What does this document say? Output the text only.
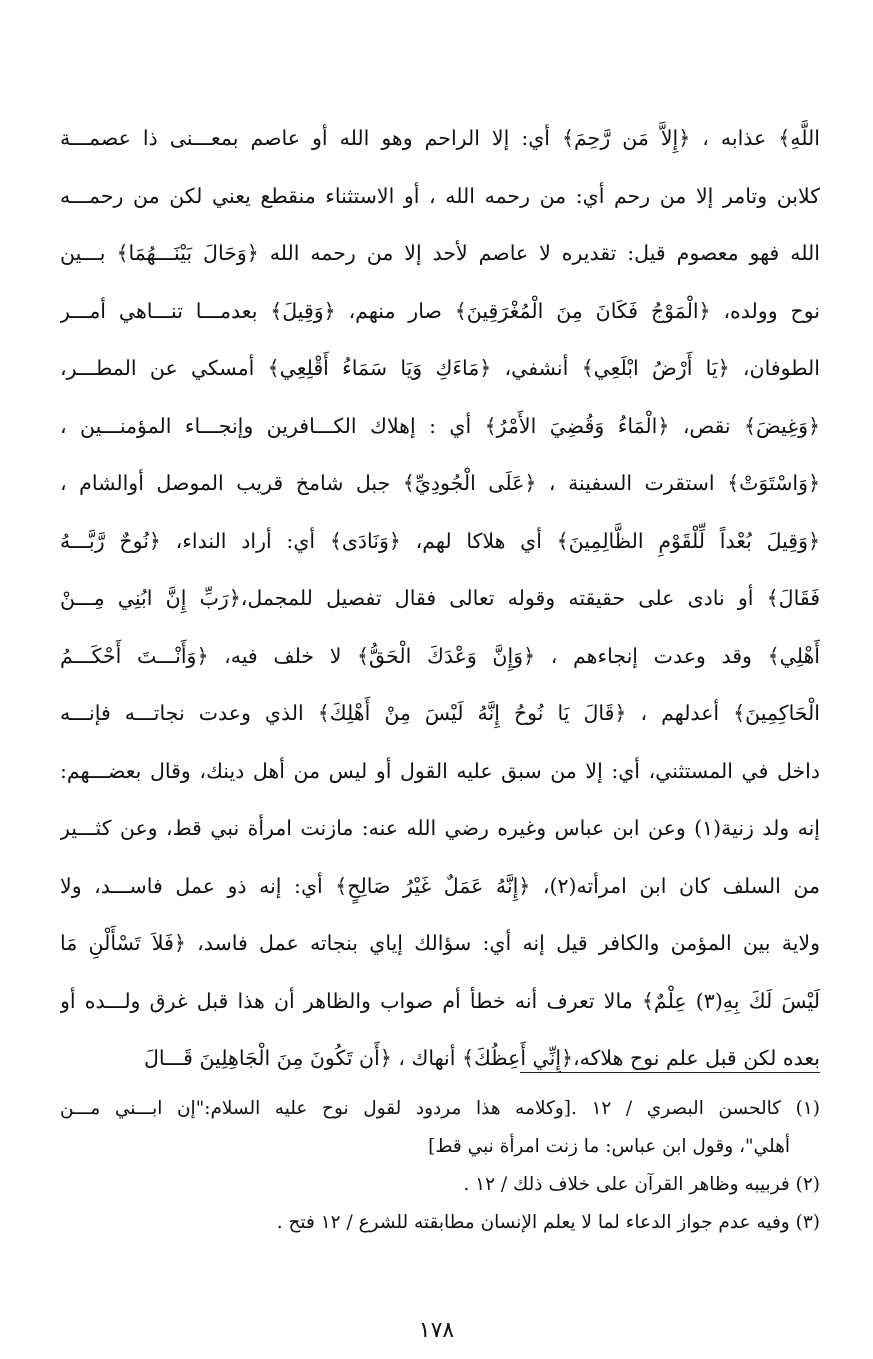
اللَّهِ﴾ عذابه ، ﴿إِلاَّ مَن رَّحِمَ﴾ أي: إلا الراحم وهو الله أو عاصم بمعـــنى ذا عصمـــة
كلابن وتامر إلا من رحم أي: من رحمه الله ، أو الاستثناء منقطع يعني لكن من رحمـــه
الله فهو معصوم قيل: تقديره لا عاصم لأحد إلا من رحمه الله ﴿وَحَالَ بَيْنَـــهُمَا﴾ بـــين
نوح وولده، ﴿الْمَوْجُ فَكَانَ مِنَ الْمُغْرَقِينَ﴾ صار منهم، ﴿وَقِيلَ﴾ بعدمـــا تنـــاهي أمـــر
الطوفان، ﴿يَا أَرْضُ ابْلَعِي﴾ أنشفي، ﴿مَاءَكِ وَيَا سَمَاءُ أَقْلِعِي﴾ أمسكي عن المطـــر،
﴿وَغِيضَ﴾ نقص، ﴿الْمَاءُ وَقُضِيَ الأَمْرُ﴾ أي : إهلاك الكـــافرين وإنجـــاء المؤمنـــين ،
﴿وَاسْتَوَتْ﴾ استقرت السفينة ، ﴿عَلَى الْجُودِيِّ﴾ جبل شامخ قريب الموصل أوالشام ،
﴿وَقِيلَ بُعْداً لِّلْقَوْمِ الظَّالِمِينَ﴾ أي هلاكا لهم، ﴿وَنَادَى﴾ أي: أراد النداء، ﴿نُوحٌ رَّبَّـــهُ
فَقَالَ﴾ أو نادى على حقيقته وقوله تعالى فقال تفصيل للمجمل،﴿رَبِّ إِنَّ ابُنِي مِـــنْ
أَهْلِي﴾ وقد وعدت إنجاءهم ، ﴿وَإِنَّ وَعْدَكَ الْحَقُّ﴾ لا خلف فيه، ﴿وَأَنْـــتَ أَحْكَـــمُ
الْحَاكِمِينَ﴾ أعدلهم ، ﴿قَالَ يَا نُوحُ إِنَّهُ لَيْسَ مِنْ أَهْلِكَ﴾ الذي وعدت نجاتـــه فإنـــه
داخل في المستثني، أي: إلا من سبق عليه القول أو ليس من أهل دينك، وقال بعضـــهم:
إنه ولد زنية(١) وعن ابن عباس وغيره رضي الله عنه: مازنت امرأة نبي قط، وعن كثـــير
من السلف كان ابن امرأته(٢)، ﴿إِنَّهُ عَمَلٌ غَيْرُ صَالِحٍ﴾ أي: إنه ذو عمل فاســـد، ولا
ولاية بين المؤمن والكافر قيل إنه أي: سؤالك إياي بنجاته عمل فاسد، ﴿فَلاَ تَسْأَلْنِ مَا
لَيْسَ لَكَ بِهِ(٣) عِلْمٌ﴾ مالا تعرف أنه خطأ أم صواب والظاهر أن هذا قبل غرق ولـــده أو
بعده لكن قبل علم نوح هلاكه،﴿إِنِّي أَعِظُكَ﴾ أنهاك ، ﴿أَن تَكُونَ مِنَ الْجَاهِلِينَ قَـــالَ
(١) كالحسن البصري / ١٢ .[وكلامه هذا مردود لقول نوح عليه السلام:"إن ابـــني مـــن
أهلي"، وقول ابن عباس: ما زنت امرأة نبي قط]
(٢) فربيبه وظاهر القرآن على خلاف ذلك / ١٢ .
(٣) وفيه عدم جواز الدعاء لما لا يعلم الإنسان مطابقته للشرع / ١٢ فتح .
١٧٨
